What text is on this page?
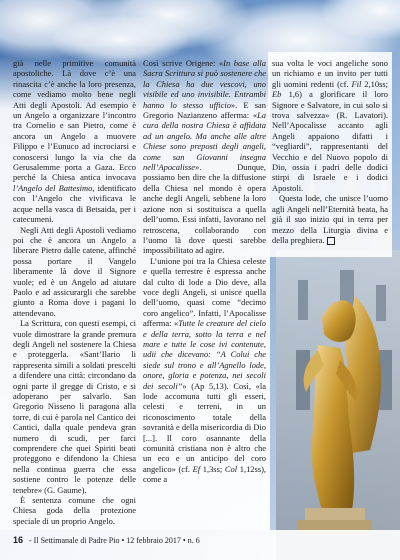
già nelle primitive comunità apostoliche. Là dove c’è una rinascita c’è anche la loro presenza, come vediamo molto bene negli Atti degli Apostoli. Ad esempio è un Angelo a organizzare l’incontro tra Cornelio e san Pietro, come è ancora un Angelo a muovere Filippo e l’Eunuco ad incrociarsi e conoscersi lungo la via che da Gerusalemme porta a Gaza. Ecco perché la Chiesa antica invocava l’Angelo del Battesimo, identificato con l’Angelo che vivificava le acque nella vasca di Betsaida, per i catecumeni.

Negli Atti degli Apostoli vediamo poi che è ancora un Angelo a liberare Pietro dalle catene, affinché possa portare il Vangelo liberamente là dove il Signore vuole; ed è un Angelo ad aiutare Paolo e ad assicurargli che sarebbe giunto a Roma dove i pagani lo attendevano.

La Scrittura, con questi esempi, ci vuole dimostrare la grande premura degli Angeli nel sostenere la Chiesa e proteggerla. «Sant’Ilario li rappresenta simili a soldati prescelti a difendere una città: circondano da ogni parte il gregge di Cristo, e si adoperano per salvarlo. San Gregorio Nisseno li paragona alla torre, di cui è parola nel Cantico dei Cantici, dalla quale pendeva gran numero di scudi, per farci comprendere che quei Spiriti beati proteggono e difendono la Chiesa nella continua guerra che essa sostiene contro le potenze delle tenebre» (G. Gaume).

È sentenza comune che ogni Chiesa goda della protezione speciale di un proprio Angelo.

Così scrive Origene: «In base alla Sacra Scrittura si può sostenere che la Chiesa ha due vescovi, uno visibile ed uno invisibile. Entrambi hanno lo stesso ufficio». E san Gregorio Nazianzeno afferma: «La cura della nostra Chiesa è affidata ad un angelo. Ma anche alle altre Chiese sono preposti degli angeli, come san Giovanni insegna nell’Apocalisse». Dunque, possiamo ben dire che la diffusione della Chiesa nel mondo è opera anche degli Angeli, sebbene la loro azione non si sostituisca a quella dell’uomo. Essi infatti, lavorano nel retroscena, collaborando con l’uomo là dove questi sarebbe impossibilitato ad agire.

L’unione poi tra la Chiesa celeste e quella terrestre è espressa anche dal culto di lode a Dio deve, alla voce degli Angeli, si unisce quella dell’uomo, quasi come “decimo coro angelico”. Infatti, l’Apocalisse afferma: «Tutte le creature del cielo e della terra, sotto la terra e nel mare e tutte le cose ivi contenute, udii che dicevano: “A Colui che siede sul trono e all’Agnello lode, onore, gloria e potenza, nei secoli dei secoli”» (Ap 5,13). Così, «la lode accomuna tutti gli esseri, celesti e terreni, in un riconoscimento totale della sovranità e della misericordia di Dio [...]. Il coro osannante della comunità cristiana non è altro che un eco e un anticipo del coro angelico» (cf. Ef 1,3ss; Col 1,12ss), come a

sua volta le voci angeliche sono un richiamo e un invito per tutti gli uomini redenti (cf. Fil 2,10ss; Eb 1,6) a glorificare il loro Signore e Salvatore, in cui solo si trova salvezza» (R. Lavatori). Nell’Apocalisse accanto agli Angeli appaiono difatti i “vegliardi”, rappresentanti del Vecchio e del Nuovo popolo di Dio, ossia i padri delle dodici stirpi di Israele e i dodici Apostoli.

Questa lode, che unisce l’uomo agli Angeli nell’Eternità beata, ha già il suo inizio qui in terra per mezzo della Liturgia divina e della preghiera.

16 - Il Settimanale di Padre Pio • 12 febbraio 2017 • n. 6
